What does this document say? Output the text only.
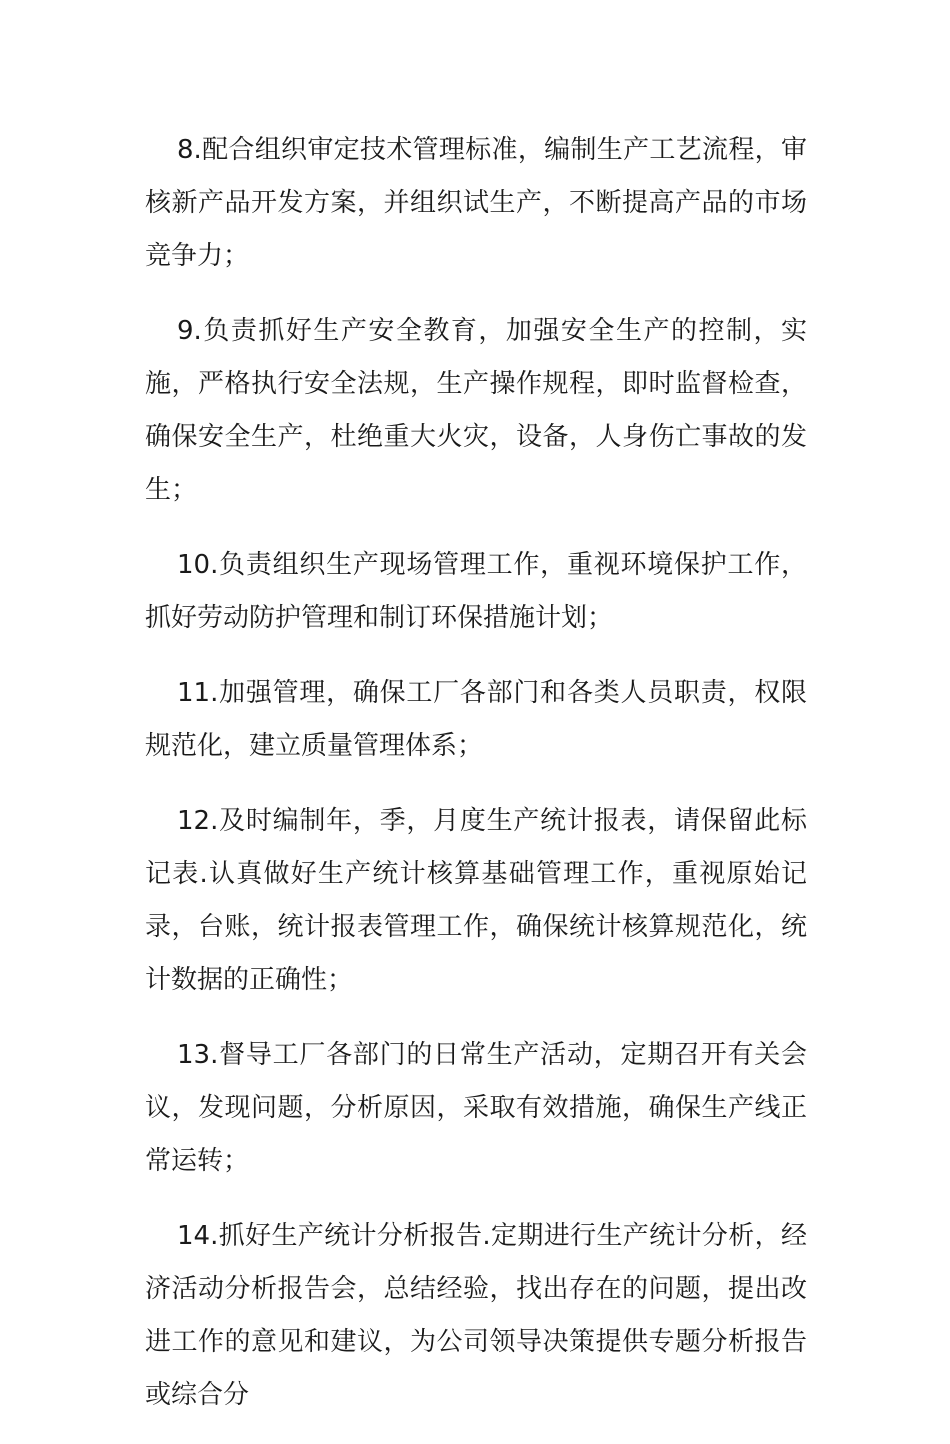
8.配合组织审定技术管理标准，编制生产工艺流程，审核新产品开发方案，并组织试生产，不断提高产品的市场竞争力；

9.负责抓好生产安全教育，加强安全生产的控制，实施，严格执行安全法规，生产操作规程，即时监督检查，确保安全生产，杜绝重大火灾，设备，人身伤亡事故的发生；

10.负责组织生产现场管理工作，重视环境保护工作，抓好劳动防护管理和制订环保措施计划；

11.加强管理，确保工厂各部门和各类人员职责，权限规范化，建立质量管理体系；

12.及时编制年，季，月度生产统计报表，请保留此标记表.认真做好生产统计核算基础管理工作，重视原始记录，台账，统计报表管理工作，确保统计核算规范化，统计数据的正确性；

13.督导工厂各部门的日常生产活动，定期召开有关会议，发现问题，分析原因，采取有效措施，确保生产线正常运转；

14.抓好生产统计分析报告.定期进行生产统计分析，经济活动分析报告会，总结经验，找出存在的问题，提出改进工作的意见和建议，为公司领导决策提供专题分析报告或综合分
